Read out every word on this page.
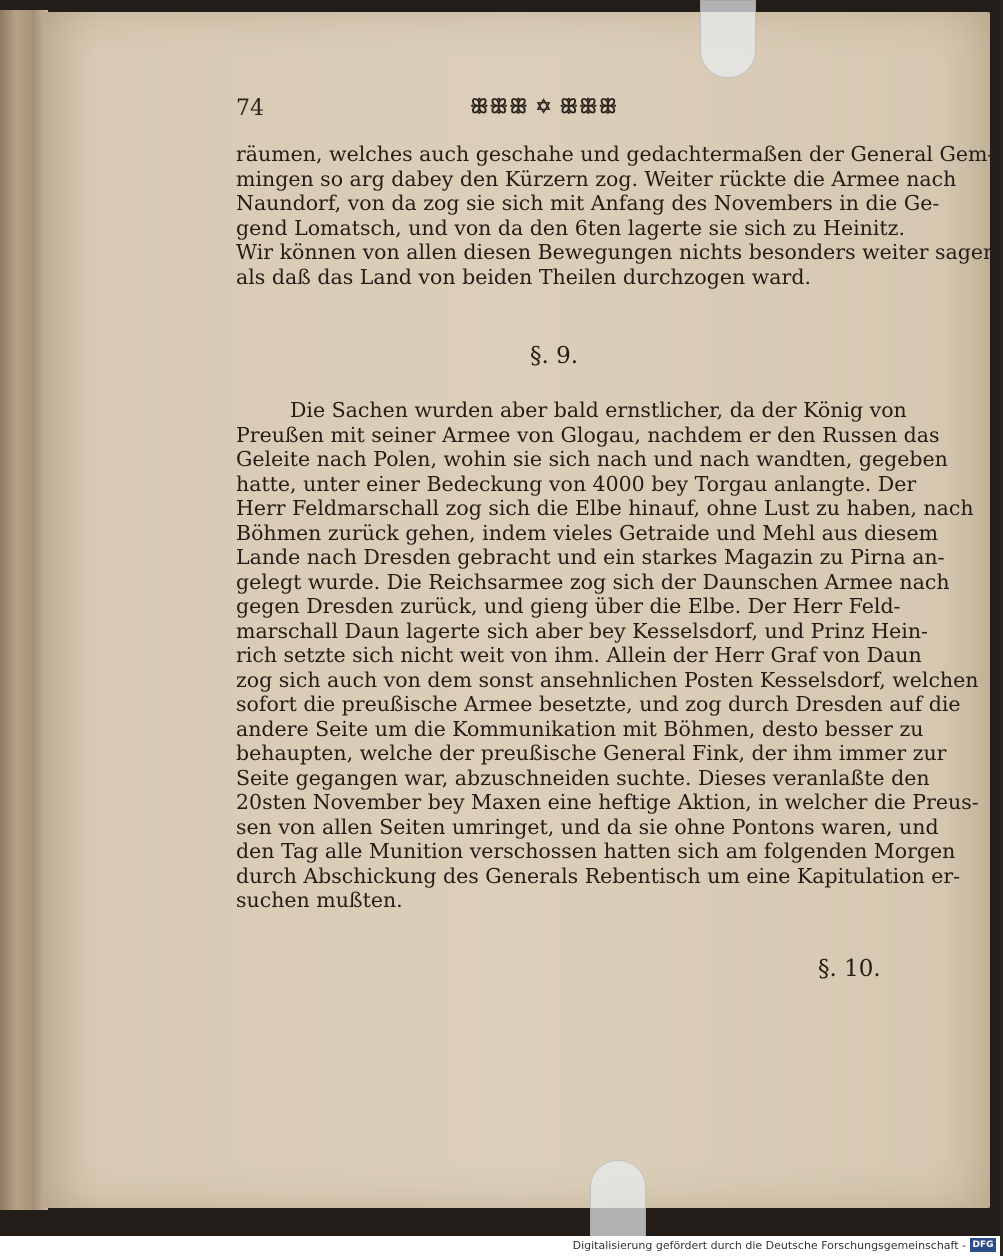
74	ꕥꕥꕥ ✡ ꕥꕥꕥ

räumen, welches auch geschahe und gedachtermaßen der General Gem-
mingen so arg dabey den Kürzern zog. Weiter rückte die Armee nach
Naundorf, von da zog sie sich mit Anfang des Novembers in die Ge-
gend Lomatsch, und von da den 6ten lagerte sie sich zu Heinitz.
Wir können von allen diesen Bewegungen nichts besonders weiter sagen,
als daß das Land von beiden Theilen durchzogen ward.

§. 9.

Die Sachen wurden aber bald ernstlicher, da der König von
Preußen mit seiner Armee von Glogau, nachdem er den Russen das
Geleite nach Polen, wohin sie sich nach und nach wandten, gegeben
hatte, unter einer Bedeckung von 4000 bey Torgau anlangte. Der
Herr Feldmarschall zog sich die Elbe hinauf, ohne Lust zu haben, nach
Böhmen zurück gehen, indem vieles Getraide und Mehl aus diesem
Lande nach Dresden gebracht und ein starkes Magazin zu Pirna an-
gelegt wurde. Die Reichsarmee zog sich der Daunschen Armee nach
gegen Dresden zurück, und gieng über die Elbe. Der Herr Feld-
marschall Daun lagerte sich aber bey Kesselsdorf, und Prinz Hein-
rich setzte sich nicht weit von ihm. Allein der Herr Graf von Daun
zog sich auch von dem sonst ansehnlichen Posten Kesselsdorf, welchen
sofort die preußische Armee besetzte, und zog durch Dresden auf die
andere Seite um die Kommunikation mit Böhmen, desto besser zu
behaupten, welche der preußische General Fink, der ihm immer zur
Seite gegangen war, abzuschneiden suchte. Dieses veranlaßte den
20sten November bey Maxen eine heftige Aktion, in welcher die Preus-
sen von allen Seiten umringet, und da sie ohne Pontons waren, und
den Tag alle Munition verschossen hatten sich am folgenden Morgen
durch Abschickung des Generals Rebentisch um eine Kapitulation er-
suchen mußten.

§. 10.
Digitalisierung gefördert durch die Deutsche Forschungsgemeinschaft - DFG
